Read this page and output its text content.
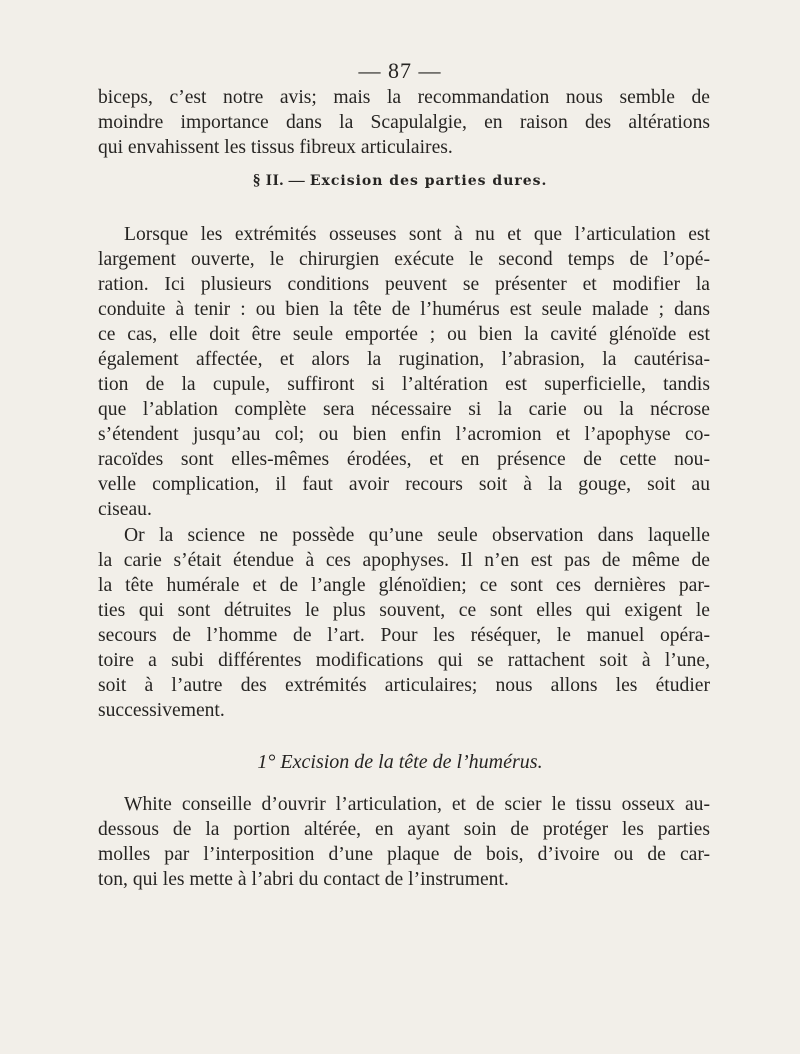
— 87 —
biceps, c’est notre avis; mais la recommandation nous semble de
moindre importance dans la Scapulalgie, en raison des altérations
qui envahissent les tissus fibreux articulaires.
§ II. — Excision des parties dures.
Lorsque les extrémités osseuses sont à nu et que l’articulation est
largement ouverte, le chirurgien exécute le second temps de l’opé-
ration. Ici plusieurs conditions peuvent se présenter et modifier la
conduite à tenir : ou bien la tête de l’humérus est seule malade ; dans
ce cas, elle doit être seule emportée ; ou bien la cavité glénoïde est
également affectée, et alors la rugination, l’abrasion, la cautérisa-
tion de la cupule, suffiront si l’altération est superficielle, tandis
que l’ablation complète sera nécessaire si la carie ou la nécrose
s’étendent jusqu’au col; ou bien enfin l’acromion et l’apophyse co-
racoïdes sont elles-mêmes érodées, et en présence de cette nou-
velle complication, il faut avoir recours soit à la gouge, soit au
ciseau.
Or la science ne possède qu’une seule observation dans laquelle
la carie s’était étendue à ces apophyses. Il n’en est pas de même de
la tête humérale et de l’angle glénoïdien; ce sont ces dernières par-
ties qui sont détruites le plus souvent, ce sont elles qui exigent le
secours de l’homme de l’art. Pour les réséquer, le manuel opéra-
toire a subi différentes modifications qui se rattachent soit à l’une,
soit à l’autre des extrémités articulaires; nous allons les étudier
successivement.
1° Excision de la tête de l’humérus.
White conseille d’ouvrir l’articulation, et de scier le tissu osseux au-
dessous de la portion altérée, en ayant soin de protéger les parties
molles par l’interposition d’une plaque de bois, d’ivoire ou de car-
ton, qui les mette à l’abri du contact de l’instrument.
